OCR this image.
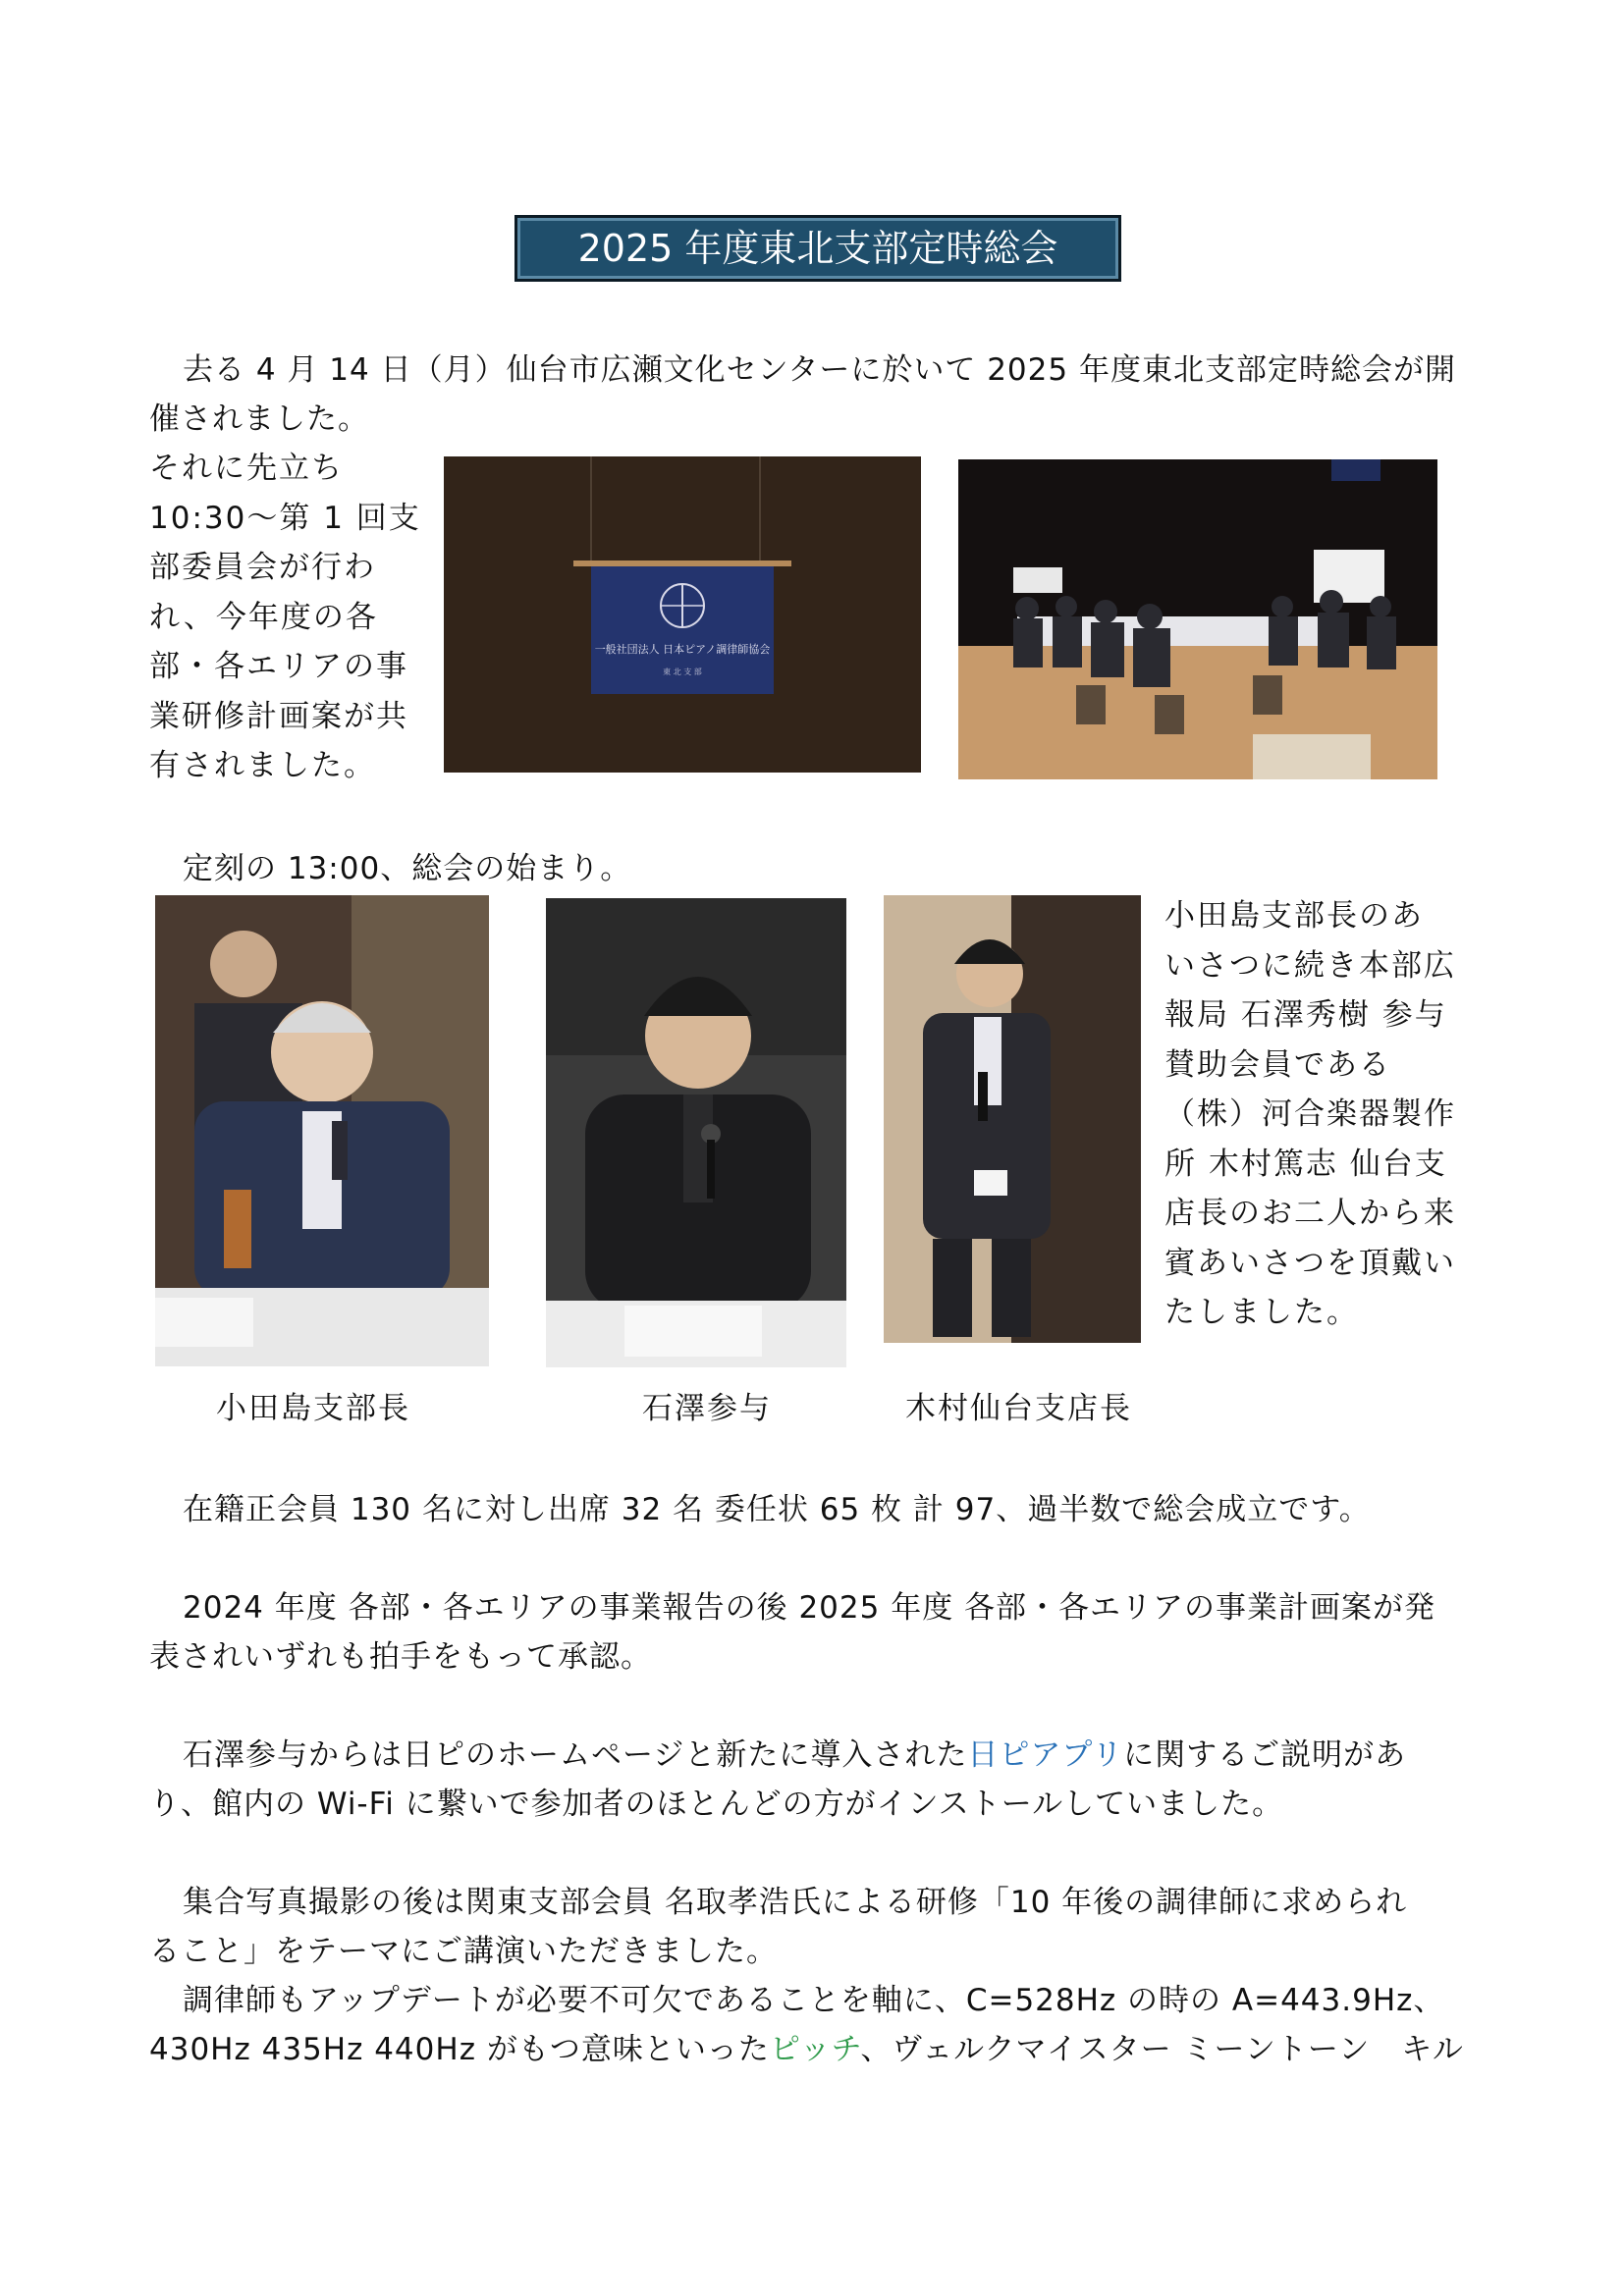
2025 年度東北支部定時総会
去る 4 月 14 日（月）仙台市広瀬文化センターに於いて 2025 年度東北支部定時総会が開
催されました。
それに先立ち
10:30～第 1 回支
部委員会が行わ
れ、今年度の各
部・各エリアの事
業研修計画案が共
有されました。
一般社団法人 日本ピアノ調律師協会
東 北 支 部
定刻の 13:00、総会の始まり。
小田島支部長のあ
いさつに続き本部広
報局 石澤秀樹 参与
賛助会員である
（株）河合楽器製作
所 木村篤志 仙台支
店長のお二人から来
賓あいさつを頂戴い
たしました。
小田島支部長	石澤参与	木村仙台支店長
在籍正会員 130 名に対し出席 32 名 委任状 65 枚 計 97、過半数で総会成立です。
2024 年度 各部・各エリアの事業報告の後 2025 年度 各部・各エリアの事業計画案が発
表されいずれも拍手をもって承認。
石澤参与からは日ピのホームページと新たに導入された日ピアプリに関するご説明があ
り、館内の Wi-Fi に繋いで参加者のほとんどの方がインストールしていました。
集合写真撮影の後は関東支部会員 名取孝浩氏による研修「10 年後の調律師に求められ
ること」をテーマにご講演いただきました。
調律師もアップデートが必要不可欠であることを軸に、C=528Hz の時の A=443.9Hz、
430Hz 435Hz 440Hz がもつ意味といったピッチ、ヴェルクマイスター ミーントーン　キル
